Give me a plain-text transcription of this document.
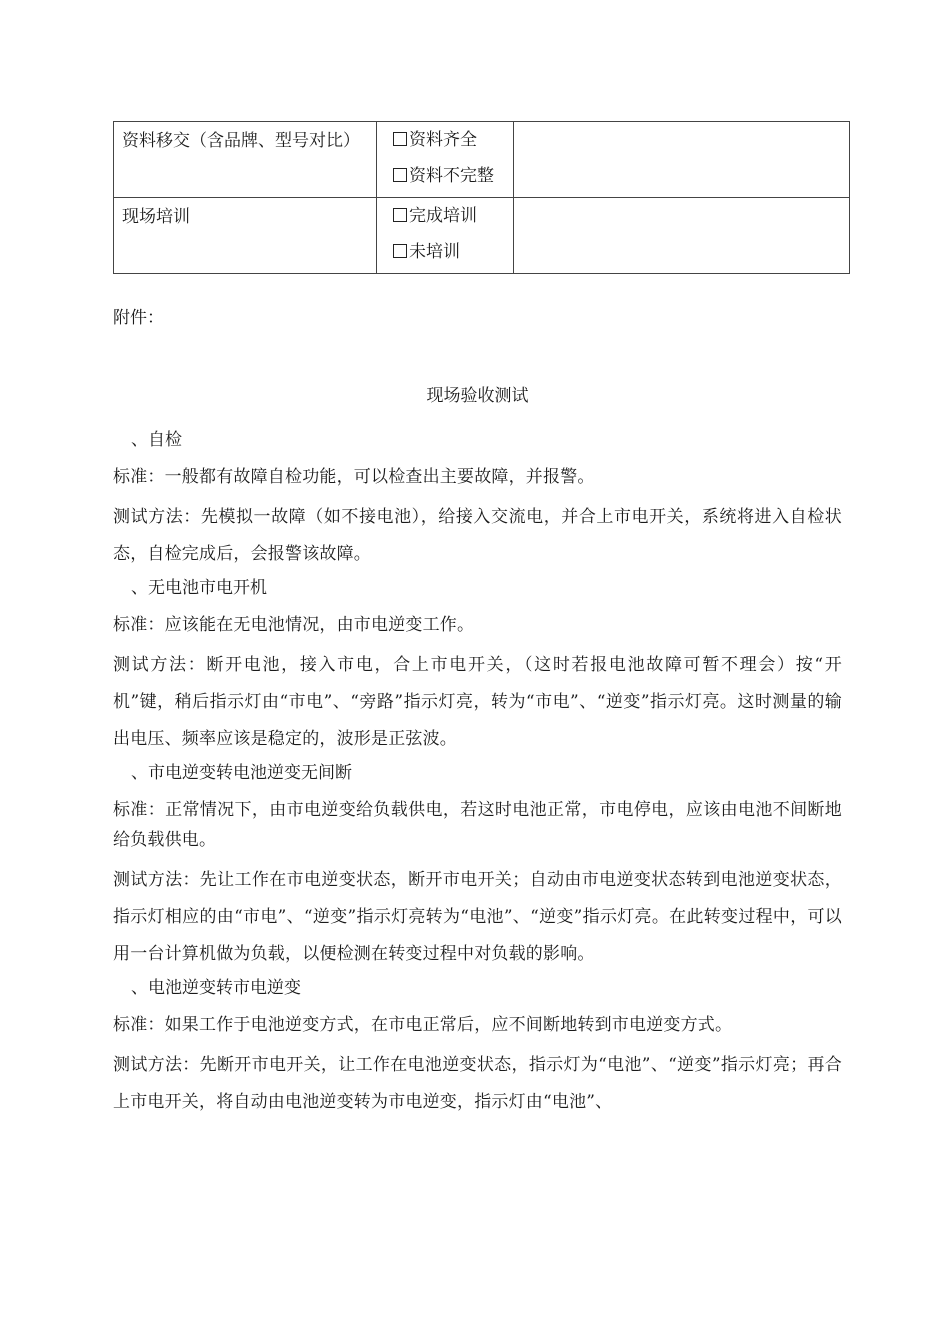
资料移交（含品牌、型号对比）	资料齐全
资料不完整	

现场培训	完成培训
未培训	

附件：
现场验收测试
、自检

标准：一般都有故障自检功能，可以检查出主要故障，并报警。

测试方法：先模拟一故障（如不接电池），给接入交流电，并合上市电开关，系统将进入自检状态，自检完成后，会报警该故障。

、无电池市电开机

标准：应该能在无电池情况，由市电逆变工作。

测试方法：断开电池，接入市电，合上市电开关，（这时若报电池故障可暂不理会）按“开机”键，稍后指示灯由“市电”、“旁路”指示灯亮，转为“市电”、“逆变”指示灯亮。这时测量的输出电压、频率应该是稳定的，波形是正弦波。

、市电逆变转电池逆变无间断

标准：正常情况下，由市电逆变给负载供电，若这时电池正常，市电停电，应该由电池不间断地给负载供电。

测试方法：先让工作在市电逆变状态，断开市电开关；自动由市电逆变状态转到电池逆变状态，指示灯相应的由“市电”、“逆变”指示灯亮转为“电池”、“逆变”指示灯亮。在此转变过程中，可以用一台计算机做为负载，以便检测在转变过程中对负载的影响。

、电池逆变转市电逆变

标准：如果工作于电池逆变方式，在市电正常后，应不间断地转到市电逆变方式。

测试方法：先断开市电开关，让工作在电池逆变状态，指示灯为“电池”、“逆变”指示灯亮；再合上市电开关，将自动由电池逆变转为市电逆变，指示灯由“电池”、
